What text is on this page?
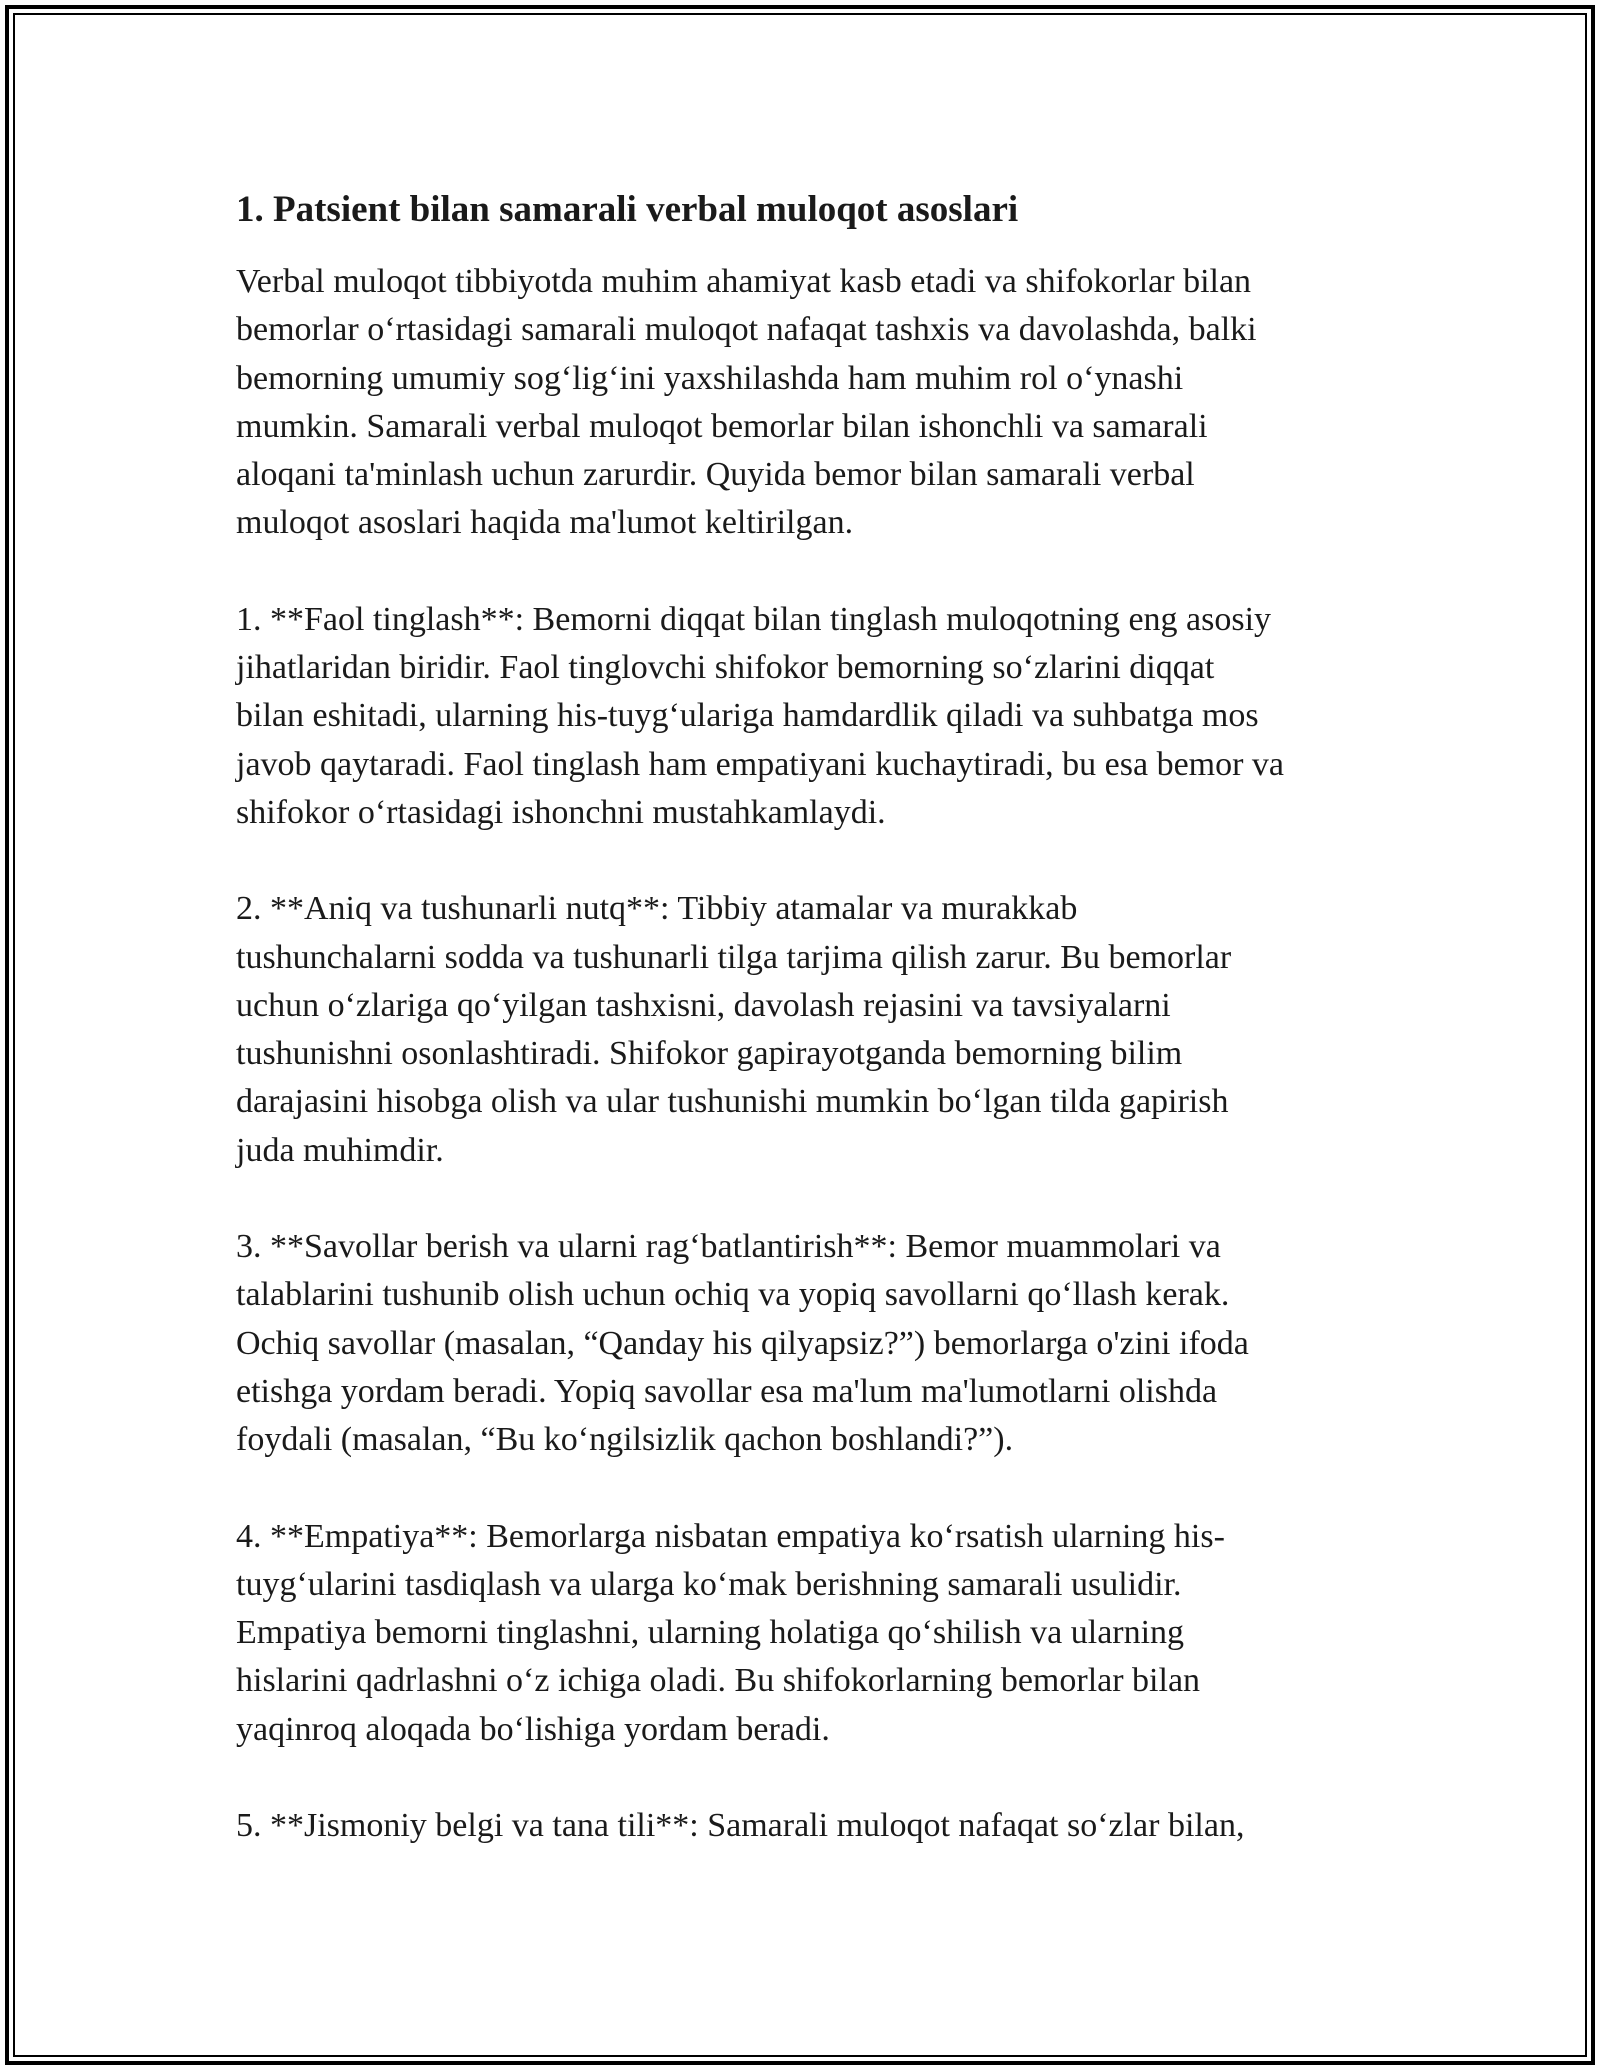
1. Patsient bilan samarali verbal muloqot asoslari

Verbal muloqot tibbiyotda muhim ahamiyat kasb etadi va shifokorlar bilan
bemorlar o‘rtasidagi samarali muloqot nafaqat tashxis va davolashda, balki
bemorning umumiy sog‘lig‘ini yaxshilashda ham muhim rol o‘ynashi
mumkin. Samarali verbal muloqot bemorlar bilan ishonchli va samarali
aloqani ta'minlash uchun zarurdir. Quyida bemor bilan samarali verbal
muloqot asoslari haqida ma'lumot keltirilgan.

1. **Faol tinglash**: Bemorni diqqat bilan tinglash muloqotning eng asosiy
jihatlaridan biridir. Faol tinglovchi shifokor bemorning so‘zlarini diqqat
bilan eshitadi, ularning his-tuyg‘ulariga hamdardlik qiladi va suhbatga mos
javob qaytaradi. Faol tinglash ham empatiyani kuchaytiradi, bu esa bemor va
shifokor o‘rtasidagi ishonchni mustahkamlaydi.

2. **Aniq va tushunarli nutq**: Tibbiy atamalar va murakkab
tushunchalarni sodda va tushunarli tilga tarjima qilish zarur. Bu bemorlar
uchun o‘zlariga qo‘yilgan tashxisni, davolash rejasini va tavsiyalarni
tushunishni osonlashtiradi. Shifokor gapirayotganda bemorning bilim
darajasini hisobga olish va ular tushunishi mumkin bo‘lgan tilda gapirish
juda muhimdir.

3. **Savollar berish va ularni rag‘batlantirish**: Bemor muammolari va
talablarini tushunib olish uchun ochiq va yopiq savollarni qo‘llash kerak.
Ochiq savollar (masalan, “Qanday his qilyapsiz?”) bemorlarga o'zini ifoda
etishga yordam beradi. Yopiq savollar esa ma'lum ma'lumotlarni olishda
foydali (masalan, “Bu ko‘ngilsizlik qachon boshlandi?”).

4. **Empatiya**: Bemorlarga nisbatan empatiya ko‘rsatish ularning his-
tuyg‘ularini tasdiqlash va ularga ko‘mak berishning samarali usulidir.
Empatiya bemorni tinglashni, ularning holatiga qo‘shilish va ularning
hislarini qadrlashni o‘z ichiga oladi. Bu shifokorlarning bemorlar bilan
yaqinroq aloqada bo‘lishiga yordam beradi.

5. **Jismoniy belgi va tana tili**: Samarali muloqot nafaqat so‘zlar bilan,
